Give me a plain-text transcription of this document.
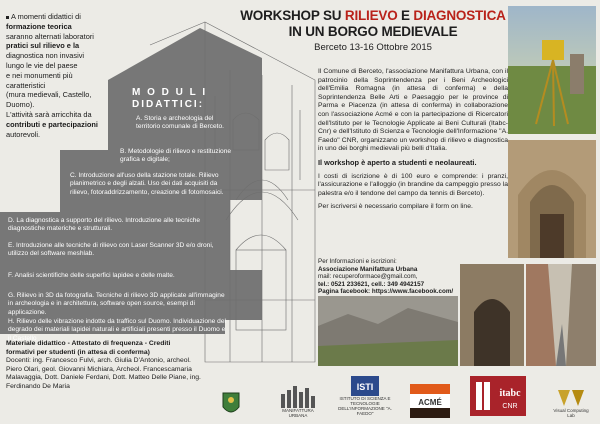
A momenti didattici di
formazione teorica
saranno alternati laboratori
pratici sul rilievo e la
diagnostica non invasivi
lungo le vie del paese
e nei monumenti più
caratteristici
(mura medievali, Castello,
Duomo).
L'attività sarà arricchita da
contributi e partecipazioni
autorevoli.
M O D U L I
DIDATTICI:
A. Storia e archeologia del territorio comunale di Berceto.
B. Metodologie di rilievo e restituzione grafica e digitale;
C. Introduzione all'uso della stazione totale. Rilievo planimetrico e degli alzati. Uso dei dati acquisiti da rilievo, fotoraddrizzamento, creazione di fotomosaici.
D. La diagnostica a supporto del rilievo. Introduzione alle tecniche diagnostiche materiche e strutturali.
E. Introduzione alle tecniche di rilievo con Laser Scanner 3D e/o droni, utilizzo del software meshlab.
F. Analisi scientifiche delle superfici lapidee e delle malte.
G. Rilievo in 3D da fotografia. Tecniche di rilievo 3D applicate all'immagine in archeologia e in architettura, software open source, esempi di applicazione.
H. Rilievo delle vibrazione indotte da traffico sul Duomo. Individuazione del degrado dei materiali lapidei naturali e artificiali presenti presso il Duomo e il Castello
Materiale didattico - Attestato di frequenza - Crediti
formativi per studenti (in attesa di conferma)
Docenti: ing. Francesco Fulvi, arch. Giulia D'Antonio, archeol.
Piero Olari, geol. Giovanni Michiara, Archeol. Francescamaria
Malavaggia, Dott. Daniele Ferdani, Dott. Matteo Delle Piane, ing.
Ferdinando De Maria
WORKSHOP SU RILIEVO E DIAGNOSTICA
IN UN BORGO MEDIEVALE
Berceto 13-16 Ottobre 2015

Il Comune di Berceto, l'associazione Manifattura Urbana, con il patrocinio della Soprintendenza per i Beni Archeologici dell'Emilia Romagna (in attesa di conferma) e della Soprintendenza Belle Arti e Paesaggio per le province di Parma e Piacenza (in attesa di conferma) in collaborazione con l'associazione Acmé e con la partecipazione di Ricercatori dell'Istituto per le Tecnologie Applicate ai Beni Culturali (Itabc-Cnr) e dell'Istituto di Scienza e Tecnologie dell'Informazione "A. Faedo" CNR, organizzano un workshop di rilievo e diagnostica in uno dei borghi medievali più belli d'Italia.

Il workshop è aperto a studenti e neolaureati.

I costi di iscrizione è di 100 euro e comprende: i pranzi, l'assicurazione e l'alloggio (in brandine da campeggio presso la palestra e/o il tendone del campo da tennis di Berceto).

Per iscriversi è necessario compilare il form on line.

Per Informazioni e iscrizioni:
Associazione Manifattura Urbana
mail: recuperoformace@gmail.com,
tel.: 0521 233621, cell.: 349 4942157
Pagina facebook: https://www.facebook.com/
MANIFATTURA URBANA
ISTI
ISTITUTO DI SCIENZA E TECNOLOGIE DELL'INFORMAZIONE "A. FAEDO"
ACMÉ
itabc
CNR
Visual Computing Lab
